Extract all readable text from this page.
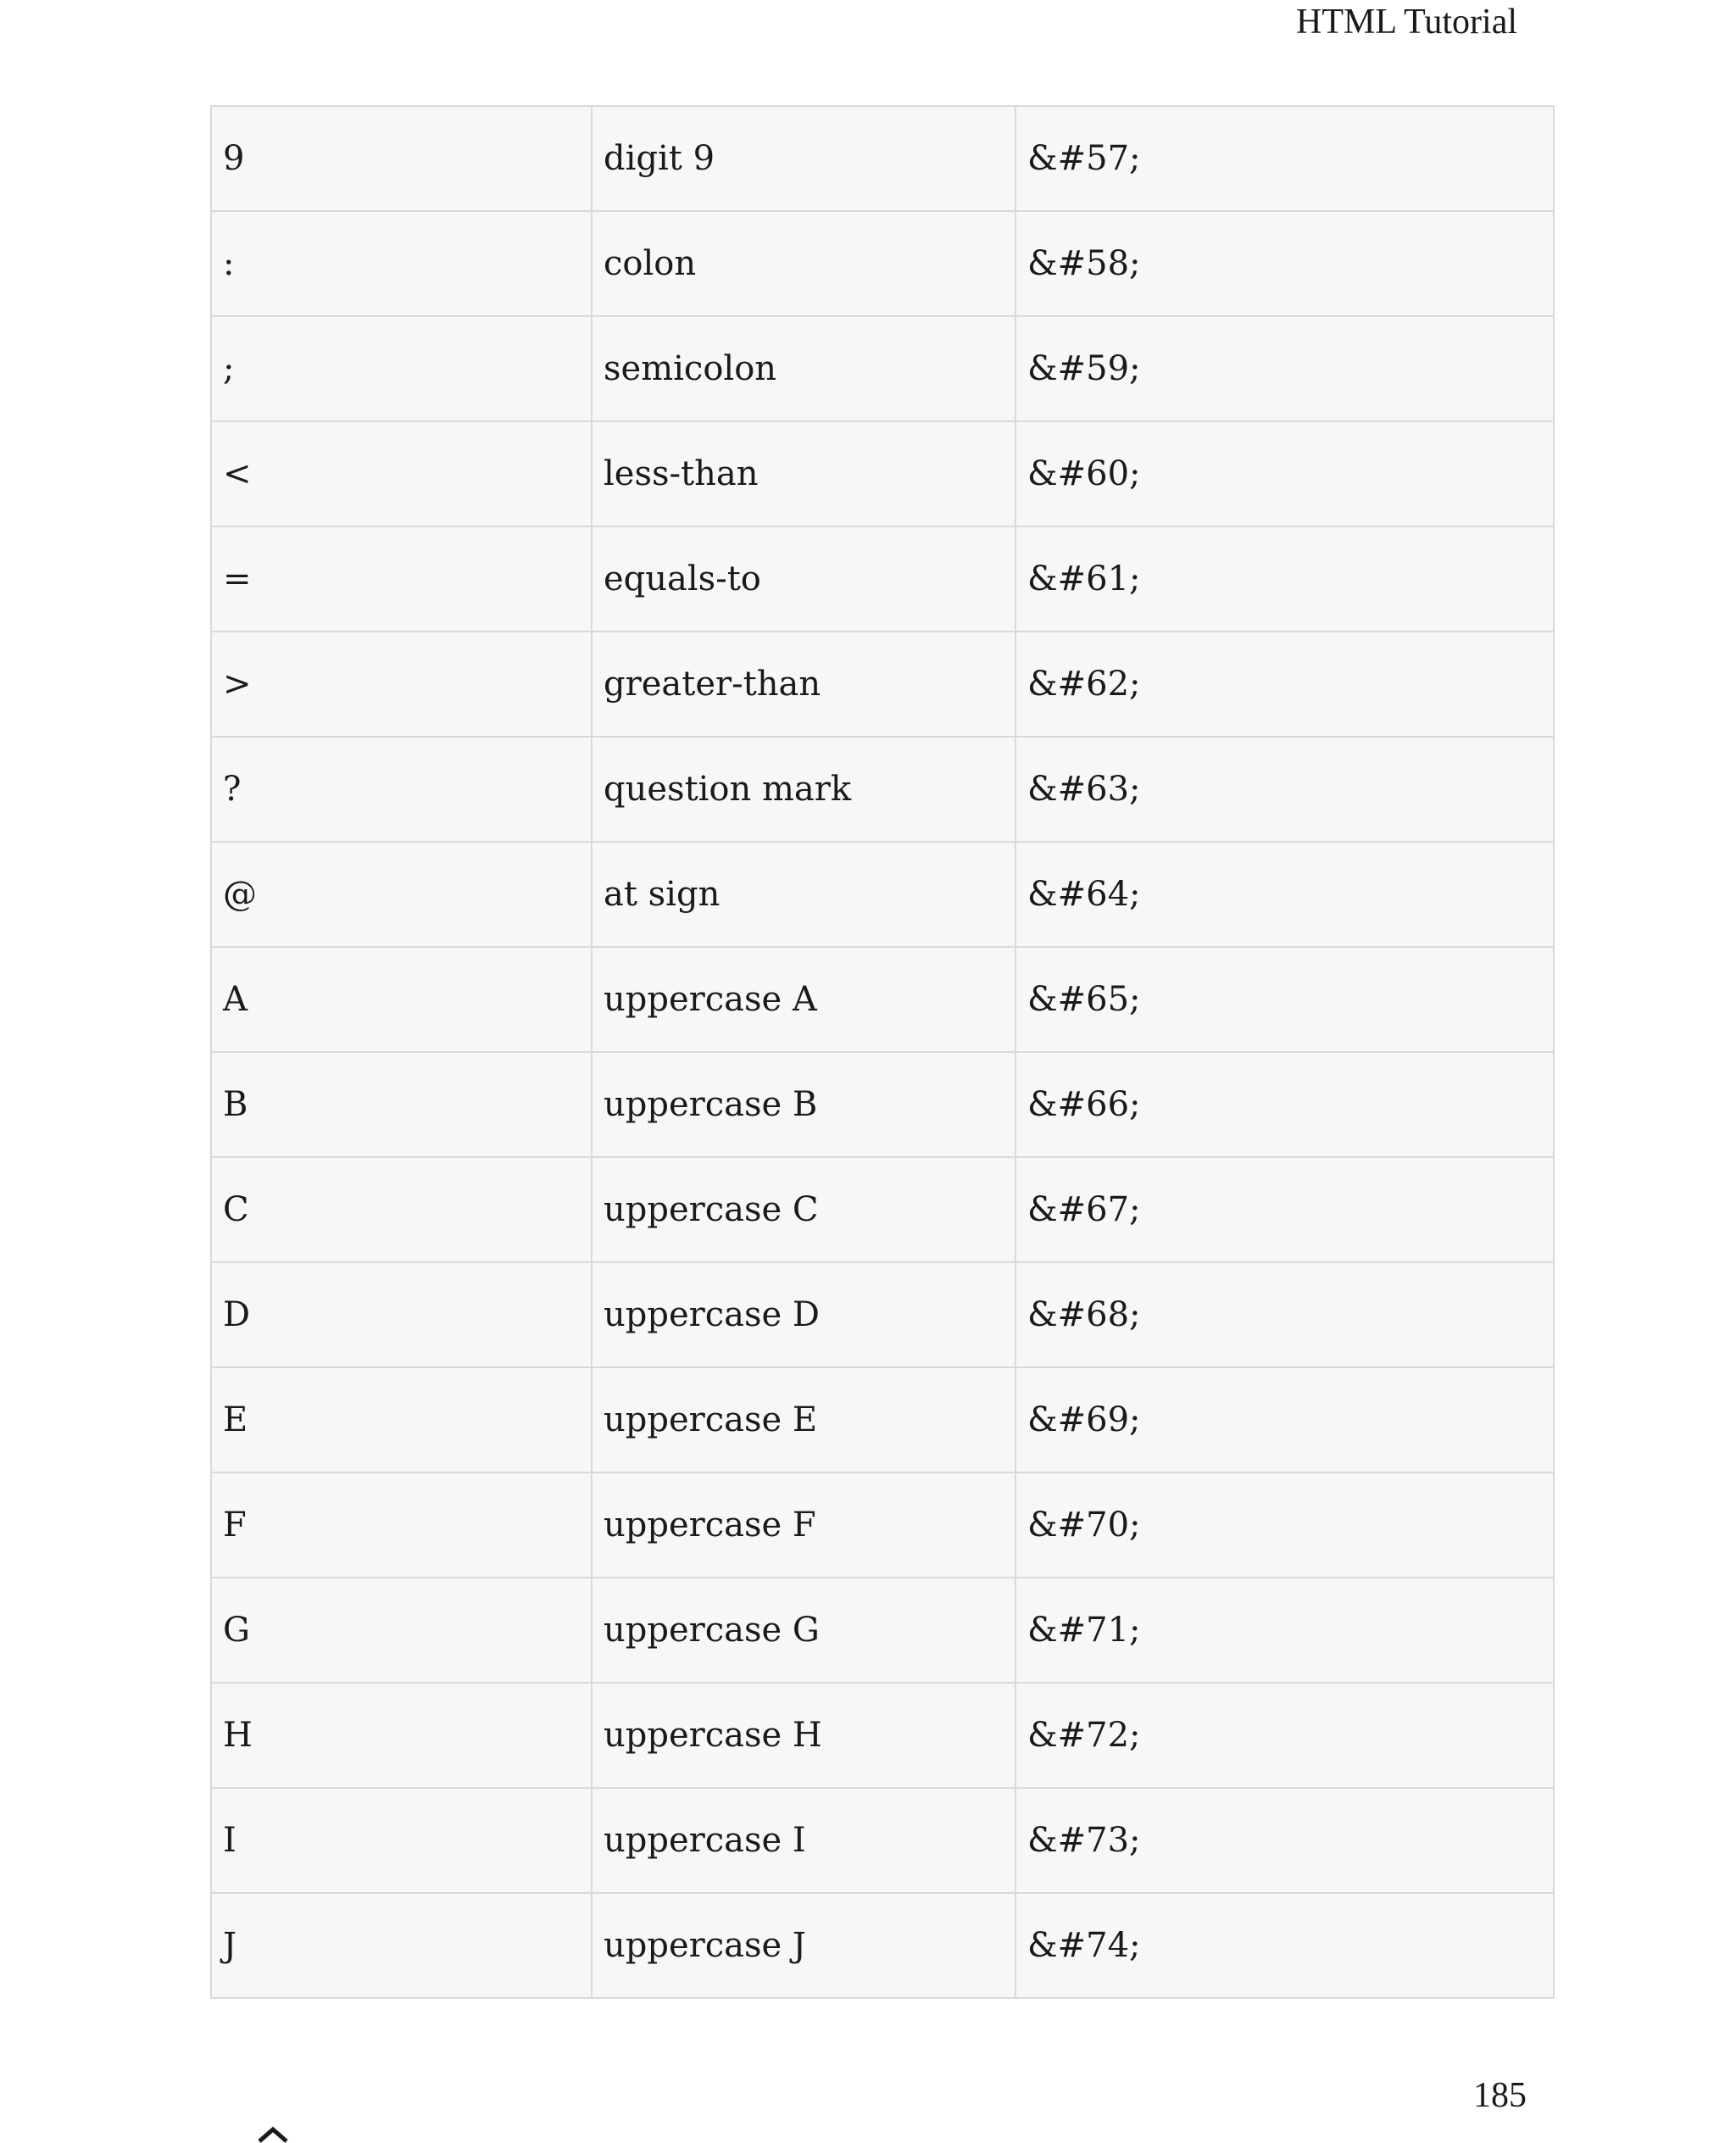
HTML Tutorial
9	digit 9	&#57;
:	colon	&#58;
;	semicolon	&#59;
<	less-than	&#60;
=	equals-to	&#61;
>	greater-than	&#62;
?	question mark	&#63;
@	at sign	&#64;
A	uppercase A	&#65;
B	uppercase B	&#66;
C	uppercase C	&#67;
D	uppercase D	&#68;
E	uppercase E	&#69;
F	uppercase F	&#70;
G	uppercase G	&#71;
H	uppercase H	&#72;
I	uppercase I	&#73;
J	uppercase J	&#74;
185
